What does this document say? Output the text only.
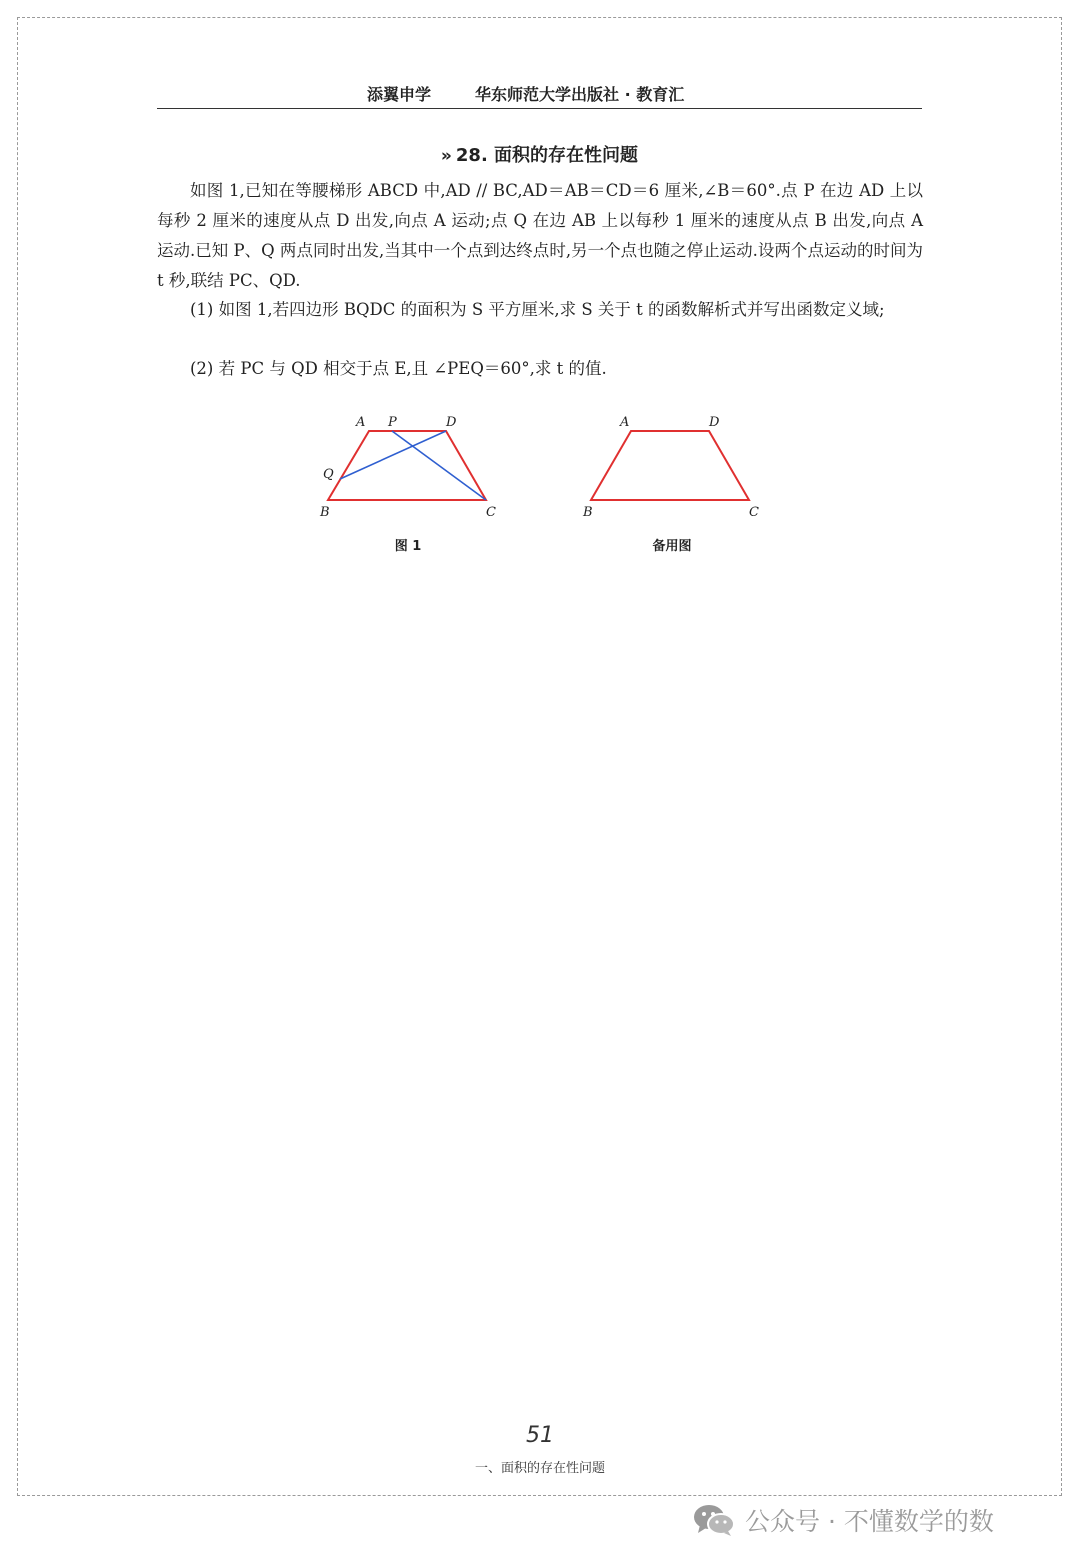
添翼申学	华东师范大学出版社 · 教育汇
» 28. 面积的存在性问题

如图 1,已知在等腰梯形 ABCD 中,AD // BC,AD＝AB＝CD＝6 厘米,∠B＝60°.点 P 在边 AD 上以每秒 2 厘米的速度从点 D 出发,向点 A 运动;点 Q 在边 AB 上以每秒 1 厘米的速度从点 B 出发,向点 A 运动.已知 P、Q 两点同时出发,当其中一个点到达终点时,另一个点也随之停止运动.设两个点运动的时间为 t 秒,联结 PC、QD.

(1) 如图 1,若四边形 BQDC 的面积为 S 平方厘米,求 S 关于 t 的函数解析式并写出函数定义域;

(2) 若 PC 与 QD 相交于点 E,且 ∠PEQ＝60°,求 t 的值.

A P	D
Q
B	C
图 1
A	D
B	C
备用图
51
一、面积的存在性问题
公众号 · 不懂数学的数
